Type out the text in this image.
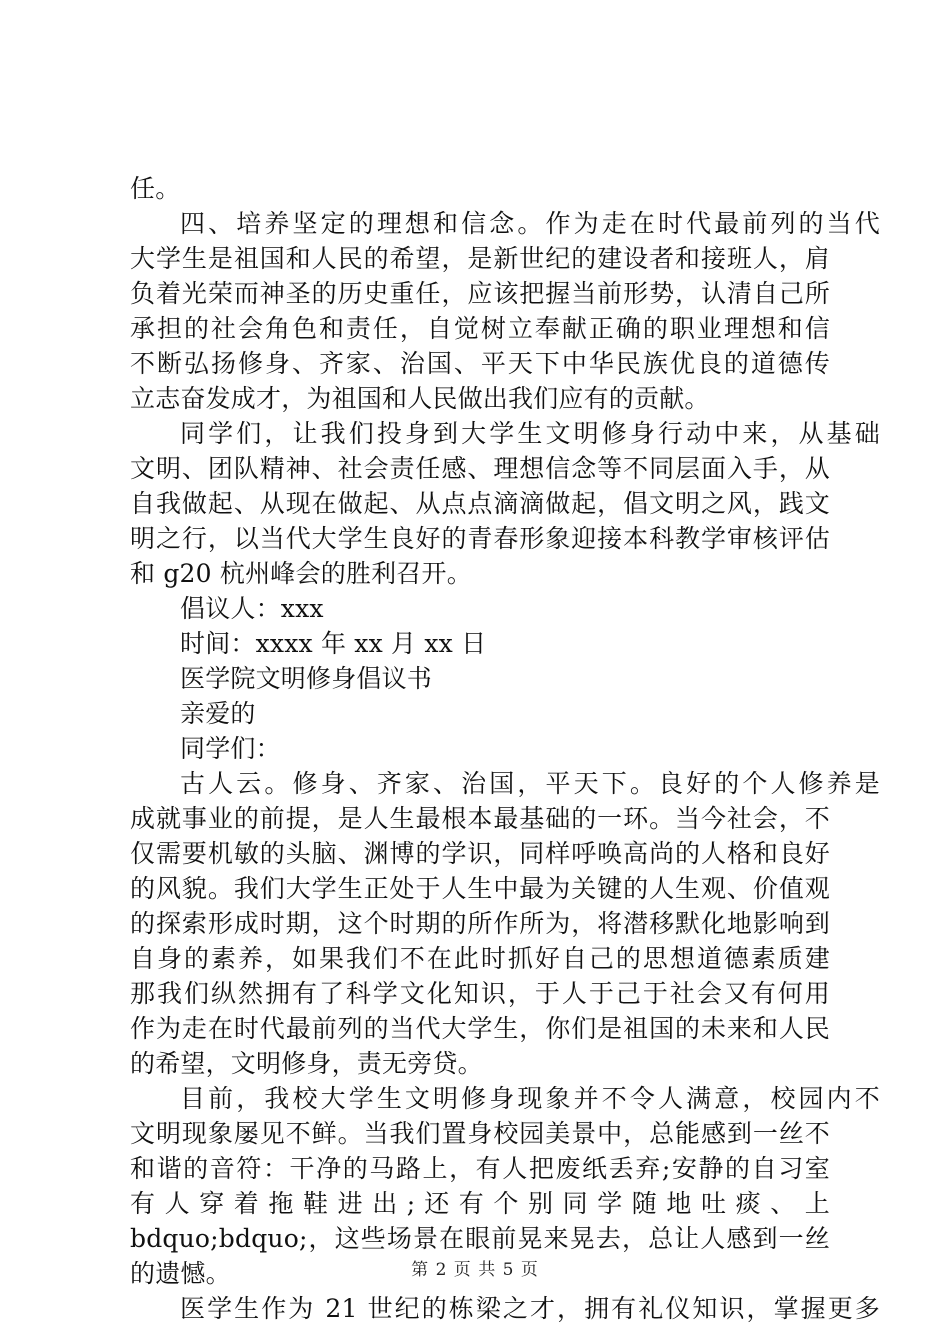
任。
四、培养坚定的理想和信念。作为走在时代最前列的当代
大学生是祖国和人民的希望，是新世纪的建设者和接班人，肩
负着光荣而神圣的历史重任，应该把握当前形势，认清自己所
承担的社会角色和责任，自觉树立奉献正确的职业理想和信
不断弘扬修身、齐家、治国、平天下中华民族优良的道德传
立志奋发成才，为祖国和人民做出我们应有的贡献。
同学们，让我们投身到大学生文明修身行动中来，从基础
文明、团队精神、社会责任感、理想信念等不同层面入手，从
自我做起、从现在做起、从点点滴滴做起，倡文明之风，践文
明之行，以当代大学生良好的青春形象迎接本科教学审核评估
和 g20 杭州峰会的胜利召开。
倡议人：xxx
时间：xxxx 年 xx 月 xx 日
医学院文明修身倡议书
亲爱的
同学们：
古人云。修身、齐家、治国，平天下。良好的个人修养是
成就事业的前提，是人生最根本最基础的一环。当今社会，不
仅需要机敏的头脑、渊博的学识，同样呼唤高尚的人格和良好
的风貌。我们大学生正处于人生中最为关键的人生观、价值观
的探索形成时期，这个时期的所作所为，将潜移默化地影响到
自身的素养，如果我们不在此时抓好自己的思想道德素质建
那我们纵然拥有了科学文化知识，于人于己于社会又有何用
作为走在时代最前列的当代大学生，你们是祖国的未来和人民
的希望，文明修身，责无旁贷。
目前，我校大学生文明修身现象并不令人满意，校园内不
文明现象屡见不鲜。当我们置身校园美景中，总能感到一丝不
和谐的音符：干净的马路上，有人把废纸丢弃;安静的自习室
有 人 穿 着 拖 鞋 进 出 ; 还 有 个 别 同 学 随 地 吐 痰 、 上
bdquo;bdquo;，这些场景在眼前晃来晃去，总让人感到一丝
的遗憾。
医学生作为 21 世纪的栋梁之才，拥有礼仪知识，掌握更多
第 2 页 共 5 页
